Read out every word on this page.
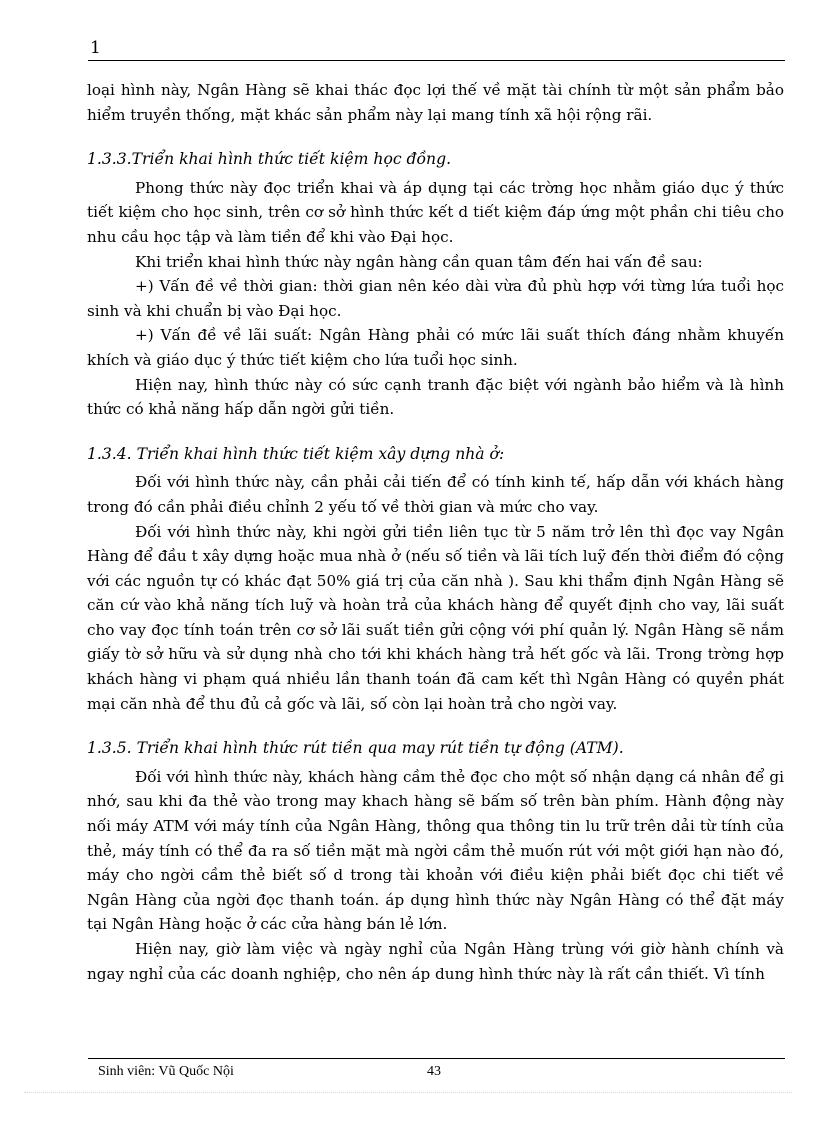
1

loại hình này, Ngân Hàng sẽ khai thác đọc lợi thế về mặt tài chính từ một sản phẩm bảo hiểm truyền thống, mặt khác sản phẩm này lại mang tính xã hội rộng rãi.

1.3.3.Triển khai hình thức tiết kiệm học đồng.

Phong thức này đọc triển khai và áp dụng tại các trờng học nhằm giáo dục ý thức tiết kiệm cho học sinh, trên cơ sở hình thức kết d tiết kiệm đáp ứng một phần chi tiêu cho nhu cầu học tập và làm tiền để khi vào Đại học.

Khi triển khai hình thức này ngân hàng cần quan tâm đến hai vấn đề sau:

+) Vấn đề về thời gian: thời gian nên kéo dài vừa đủ phù hợp với từng lứa tuổi học sinh và khi chuẩn bị vào Đại học.

+) Vấn đề về lãi suất: Ngân Hàng phải có mức lãi suất thích đáng nhằm khuyến khích và giáo dục ý thức tiết kiệm cho lứa tuổi học sinh.

Hiện nay, hình thức này có sức cạnh tranh đặc biệt với ngành bảo hiểm và là hình thức có khả năng hấp dẫn ngời gửi tiền.

1.3.4. Triển khai hình thức tiết kiệm xây dựng nhà ở:

Đối với hình thức này, cần phải cải tiến để có tính kinh tế, hấp dẫn với khách hàng trong đó cần phải điều chỉnh 2 yếu tố về thời gian và mức cho vay.

Đối với hình thức này, khi ngời gửi tiền liên tục từ 5 năm trở lên thì đọc vay Ngân Hàng để đầu t xây dựng hoặc mua nhà ở (nếu số tiền và lãi tích luỹ đến thời điểm đó cộng với các nguồn tự có khác đạt 50% giá trị của căn nhà ). Sau khi thẩm định Ngân Hàng sẽ căn cứ vào khả năng tích luỹ và hoàn trả của khách hàng để quyết định cho vay, lãi suất cho vay đọc tính toán trên cơ sở lãi suất tiền gửi cộng với phí quản lý. Ngân Hàng sẽ nắm giấy tờ sở hữu và sử dụng nhà cho tới khi khách hàng trả hết gốc và lãi. Trong trờng hợp khách hàng vi phạm quá nhiều lần thanh toán đã cam kết thì Ngân Hàng có quyền phát mại căn nhà để thu đủ cả gốc và lãi, số còn lại hoàn trả cho ngời vay.

1.3.5. Triển khai hình thức rút tiền qua may rút tiền tự động (ATM).

Đối với hình thức này, khách hàng cầm thẻ đọc cho một số nhận dạng cá nhân để gi nhớ, sau khi đa thẻ vào trong may khach hàng sẽ bấm số trên bàn phím. Hành động này nối máy ATM với máy tính của Ngân Hàng, thông qua thông tin lu trữ trên dải từ tính của thẻ, máy tính có thể đa ra số tiền mặt mà ngời cầm thẻ muốn rút với một giới hạn nào đó, máy cho ngời cầm thẻ biết số d trong tài khoản với điều kiện phải biết đọc chi tiết về Ngân Hàng của ngời đọc thanh toán. áp dụng hình thức này Ngân Hàng có thể đặt máy tại Ngân Hàng hoặc ở các cửa hàng bán lẻ lớn.

Hiện nay, giờ làm việc và ngày nghỉ của Ngân Hàng trùng với giờ hành chính và ngay nghỉ của các doanh nghiệp, cho nên áp dung hình thức này là rất cần thiết. Vì tính

Sinh viên: Vũ Quốc Nội	43
